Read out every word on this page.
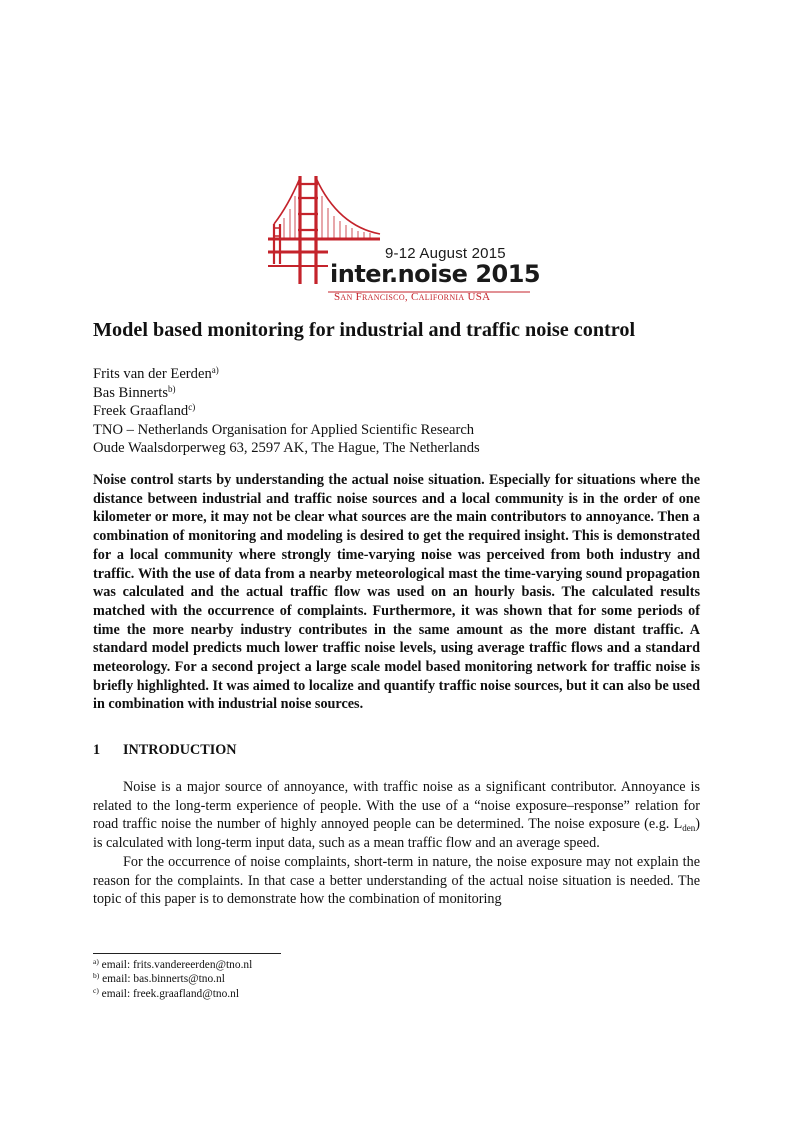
9-12 August 2015
inter.noise 2015
San Francisco, California USA
Model based monitoring for industrial and traffic noise control
Frits van der Eerden$^{a)}$
Bas Binnerts$^{b)}$
Freek Graafland$^{c)}$
TNO – Netherlands Organisation for Applied Scientific Research
Oude Waalsdorperweg 63, 2597 AK, The Hague, The Netherlands

Noise control starts by understanding the actual noise situation. Especially for situations where the distance between industrial and traffic noise sources and a local community is in the order of one kilometer or more, it may not be clear what sources are the main contributors to annoyance. Then a combination of monitoring and modeling is desired to get the required insight. This is demonstrated for a local community where strongly time-varying noise was perceived from both industry and traffic. With the use of data from a nearby meteorological mast the time-varying sound propagation was calculated and the actual traffic flow was used on an hourly basis. The calculated results matched with the occurrence of complaints. Furthermore, it was shown that for some periods of time the more nearby industry contributes in the same amount as the more distant traffic. A standard model predicts much lower traffic noise levels, using average traffic flows and a standard meteorology. For a second project a large scale model based monitoring network for traffic noise is briefly highlighted. It was aimed to localize and quantify traffic noise sources, but it can also be used in combination with industrial noise sources.

1 INTRODUCTION

Noise is a major source of annoyance, with traffic noise as a significant contributor. Annoyance is related to the long-term experience of people. With the use of a “noise exposure–response” relation for road traffic noise the number of highly annoyed people can be determined. The noise exposure (e.g. $L_{den}$) is calculated with long-term input data, such as a mean traffic flow and an average speed.

For the occurrence of noise complaints, short-term in nature, the noise exposure may not explain the reason for the complaints. In that case a better understanding of the actual noise situation is needed. The topic of this paper is to demonstrate how the combination of monitoring

$^{a)}$ email: frits.vandereerden@tno.nl
$^{b)}$ email: bas.binnerts@tno.nl
$^{c)}$ email: freek.graafland@tno.nl
